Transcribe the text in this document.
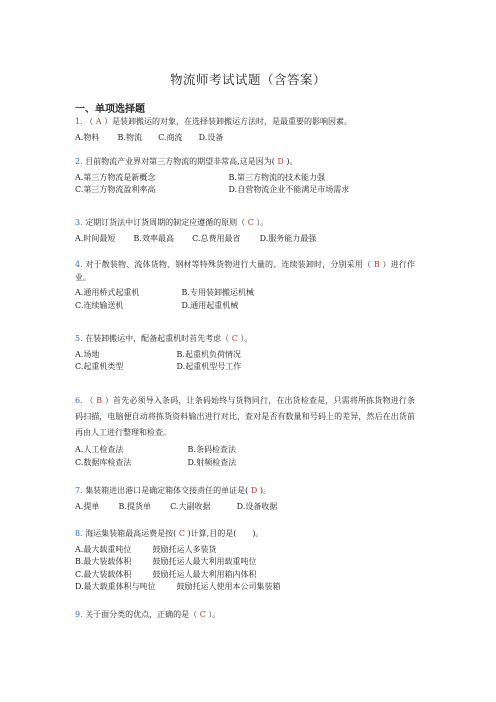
物流师考试试题（含答案）
一、单项选择题
1. （ A ）是装卸搬运的对象，在选择装卸搬运方法时，是最重要的影响因素。
A.物料 B.物流 C.商流 D.设备
2. 目前物流产业界对第三方物流的期望非常高,这是因为( D )。
A.第三方物流是新概念	B.第三方物流的技术能力强
C.第三方物流盈利率高	D.自营物流企业不能满足市场需求
3. 定期订货法中订货周期的制定应遵循的原则（ C ）。
A.时间最短 B.效率最高 C.总费用最省 D.服务能力最强
4. 对于散装物、流体货物、钢材等特殊货物进行大量的、连续装卸时，分别采用（ B ）进行作业。
A.通用桥式起重机	B.专用装卸搬运机械
C.连续输送机	D.通用起重机械
5. 在装卸搬运中，配备起重机时首先考虑（ C ）。
A.场地	B.起重机负荷情况
C.起重机类型	D.起重机型号工作
6. （ B ）首先必须导入条码，让条码始终与货物同行，在出货检查是，只需将所拣货物进行条码扫描，电脑便自动将拣货资料输出进行对比，查对是否有数量和号码上的差异，然后在出货前再由人工进行整理和检查。
A.人工检查法	B.条码检查法
C.数据库检查法	D.射频检查法
7. 集装箱进出港口是确定箱体交接责任的单证是( D )。
A.提单 B.提货单 C.大副收据	D.设备收据
8. 海运集装箱最高运费是按( C )计算,目的是(　　)。
A.最大载重吨位	鼓励托运人多装货
B.最大装载体积	鼓励托运人最大利用载重吨位
C.最大装载体积	鼓励托运人最大利用箱内体积
D.最大载重体积与吨位	鼓励托运人使用本公司集装箱
9. 关于面分类的优点，正确的是（ C ）。
